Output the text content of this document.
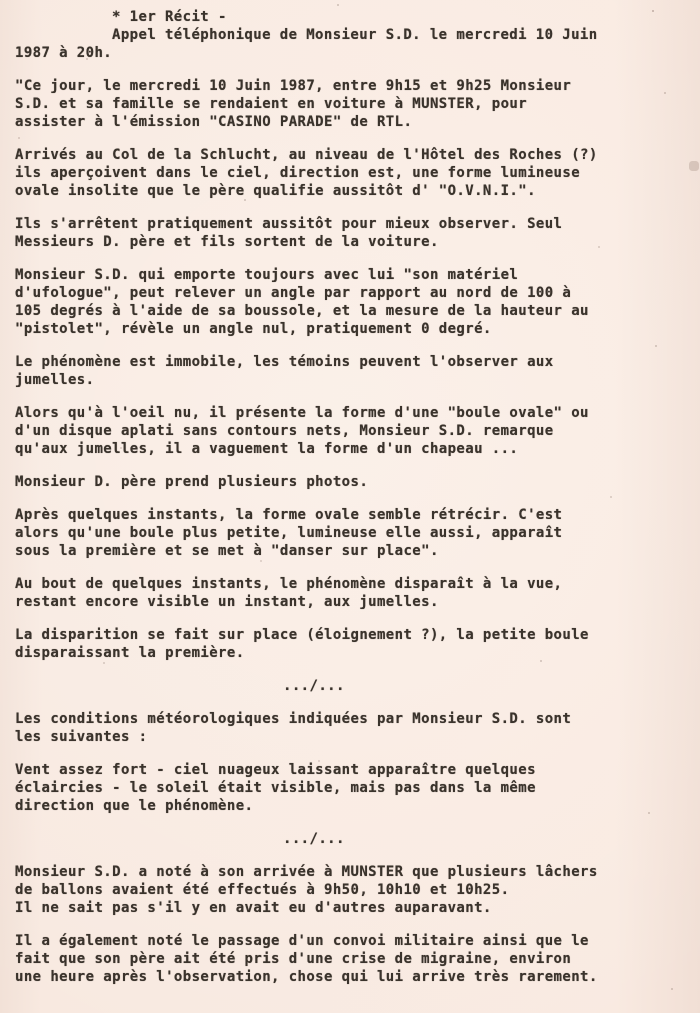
* 1er Récit -
Appel téléphonique de Monsieur S.D. le mercredi 10 Juin
1987 à 20h.

"Ce jour, le mercredi 10 Juin 1987, entre 9h15 et 9h25 Monsieur
S.D. et sa famille se rendaient en voiture à MUNSTER, pour
assister à l'émission "CASINO PARADE" de RTL.

Arrivés au Col de la Schlucht, au niveau de l'Hôtel des Roches (?)
ils aperçoivent dans le ciel, direction est, une forme lumineuse
ovale insolite que le père qualifie aussitôt d' "O.V.N.I.".

Ils s'arrêtent pratiquement aussitôt pour mieux observer. Seul
Messieurs D. père et fils sortent de la voiture.

Monsieur S.D. qui emporte toujours avec lui "son matériel
d'ufologue", peut relever un angle par rapport au nord de 100 à
105 degrés à l'aide de sa boussole, et la mesure de la hauteur au
"pistolet", révèle un angle nul, pratiquement 0 degré.

Le phénomène est immobile, les témoins peuvent l'observer aux
jumelles.

Alors qu'à l'oeil nu, il présente la forme d'une "boule ovale" ou
d'un disque aplati sans contours nets, Monsieur S.D. remarque
qu'aux jumelles, il a vaguement la forme d'un chapeau ...

Monsieur D. père prend plusieurs photos.

Après quelques instants, la forme ovale semble rétrécir. C'est
alors qu'une boule plus petite, lumineuse elle aussi, apparaît
sous la première et se met à "danser sur place".

Au bout de quelques instants, le phénomène disparaît à la vue,
restant encore visible un instant, aux jumelles.

La disparition se fait sur place (éloignement ?), la petite boule
disparaissant la première.

.../...

Les conditions météorologiques indiquées par Monsieur S.D. sont
les suivantes :

Vent assez fort - ciel nuageux laissant apparaître quelques
éclaircies - le soleil était visible, mais pas dans la même
direction que le phénomène.

.../...

Monsieur S.D. a noté à son arrivée à MUNSTER que plusieurs lâchers
de ballons avaient été effectués à 9h50, 10h10 et 10h25.
Il ne sait pas s'il y en avait eu d'autres auparavant.

Il a également noté le passage d'un convoi militaire ainsi que le
fait que son père ait été pris d'une crise de migraine, environ
une heure après l'observation, chose qui lui arrive très rarement.
